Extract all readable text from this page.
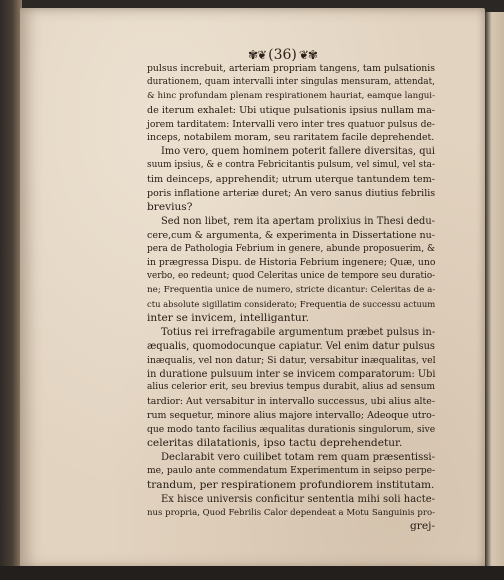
✾❦ (36) ❦✾
pulsus increbuit, arteriam propriam tangens, tam pulsationis
durationem, quam intervalli inter singulas mensuram, attendat,
& hinc profundam plenam respirationem hauriat, eamque langui-
de iterum exhalet: Ubi utique pulsationis ipsius nullam ma-
jorem tarditatem: Intervalli vero inter tres quatuor pulsus de-
inceps, notabilem moram, seu raritatem facile deprehendet.
Imo vero, quem hominem poterit fallere diversitas, qui
suum ipsius, & e contra Febricitantis pulsum, vel simul, vel sta-
tim deinceps, apprehendit; utrum uterque tantundem tem-
poris inflatione arteriæ duret; An vero sanus diutius febrilis
brevius?
Sed non libet, rem ita apertam prolixius in Thesi dedu-
cere,cum & argumenta, & experimenta in Dissertatione nu-
pera de Pathologia Febrium in genere, abunde proposuerim, &
in prægressa Dispu. de Historia Febrium ingenere; Quæ, uno
verbo, eo redeunt; quod Celeritas unice de tempore seu duratio-
ne; Frequentia unice de numero, stricte dicantur: Celeritas de a-
ctu absolute sigillatim considerato; Frequentia de successu actuum
inter se invicem, intelligantur.
Totius rei irrefragabile argumentum præbet pulsus in-
æqualis, quomodocunque capiatur. Vel enim datur pulsus
inæqualis, vel non datur; Si datur, versabitur inæqualitas, vel
in duratione pulsuum inter se invicem comparatorum: Ubi
alius celerior erit, seu brevius tempus durabit, alius ad sensum
tardior: Aut versabitur in intervallo successus, ubi alius alte-
rum sequetur, minore alius majore intervallo; Adeoque utro-
que modo tanto facilius æqualitas durationis singulorum, sive
celeritas dilatationis, ipso tactu deprehendetur.
Declarabit vero cuilibet totam rem quam præsentissi-
me, paulo ante commendatum Experimentum in seipso perpe-
trandum, per respirationem profundiorem institutam.
Ex hisce universis conficitur sententia mihi soli hacte-
nus propria, Quod Febrilis Calor dependeat a Motu Sanguinis pro-
grej-
